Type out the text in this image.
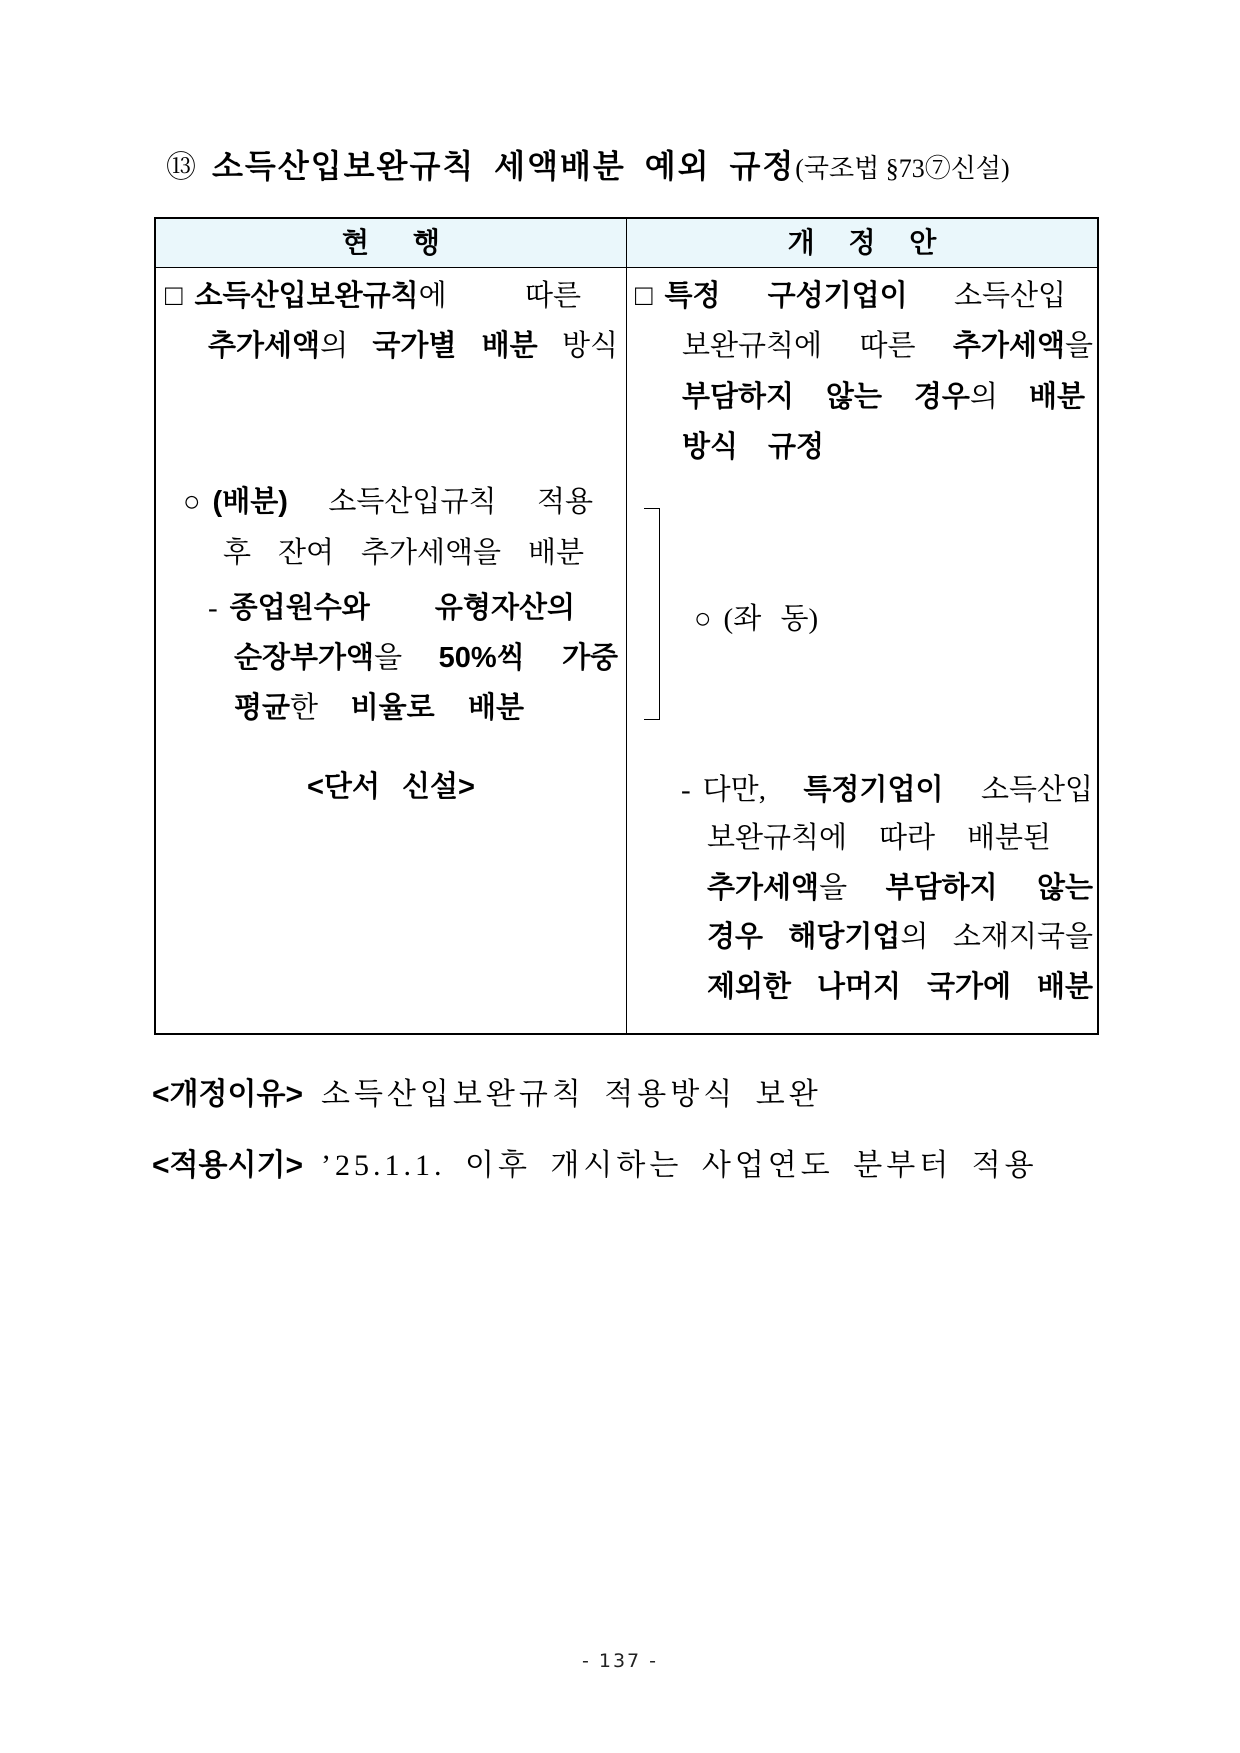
⑬ 소득산입보완규칙 세액배분 예외 규정(국조법 §73⑦신설)
현 행	개 정 안
□ 소득산입보완규칙에 따른
추가세액의 국가별 배분 방식
○ (배분) 소득산입규칙 적용
후 잔여 추가세액을 배분
- 종업원수와 유형자산의
순장부가액을 50%씩 가중
평균한 비율로 배분
<단서 신설>
□ 특정 구성기업이 소득산입
보완규칙에 따른 추가세액을
부담하지 않는 경우의 배분
방식 규정
○ (좌 동)
- 다만, 특정기업이 소득산입
보완규칙에 따라 배분된
추가세액을 부담하지 않는
경우 해당기업의 소재지국을
제외한 나머지 국가에 배분
<개정이유> 소득산입보완규칙 적용방식 보완
<적용시기> ’25.1.1. 이후 개시하는 사업연도 분부터 적용
- 137 -
